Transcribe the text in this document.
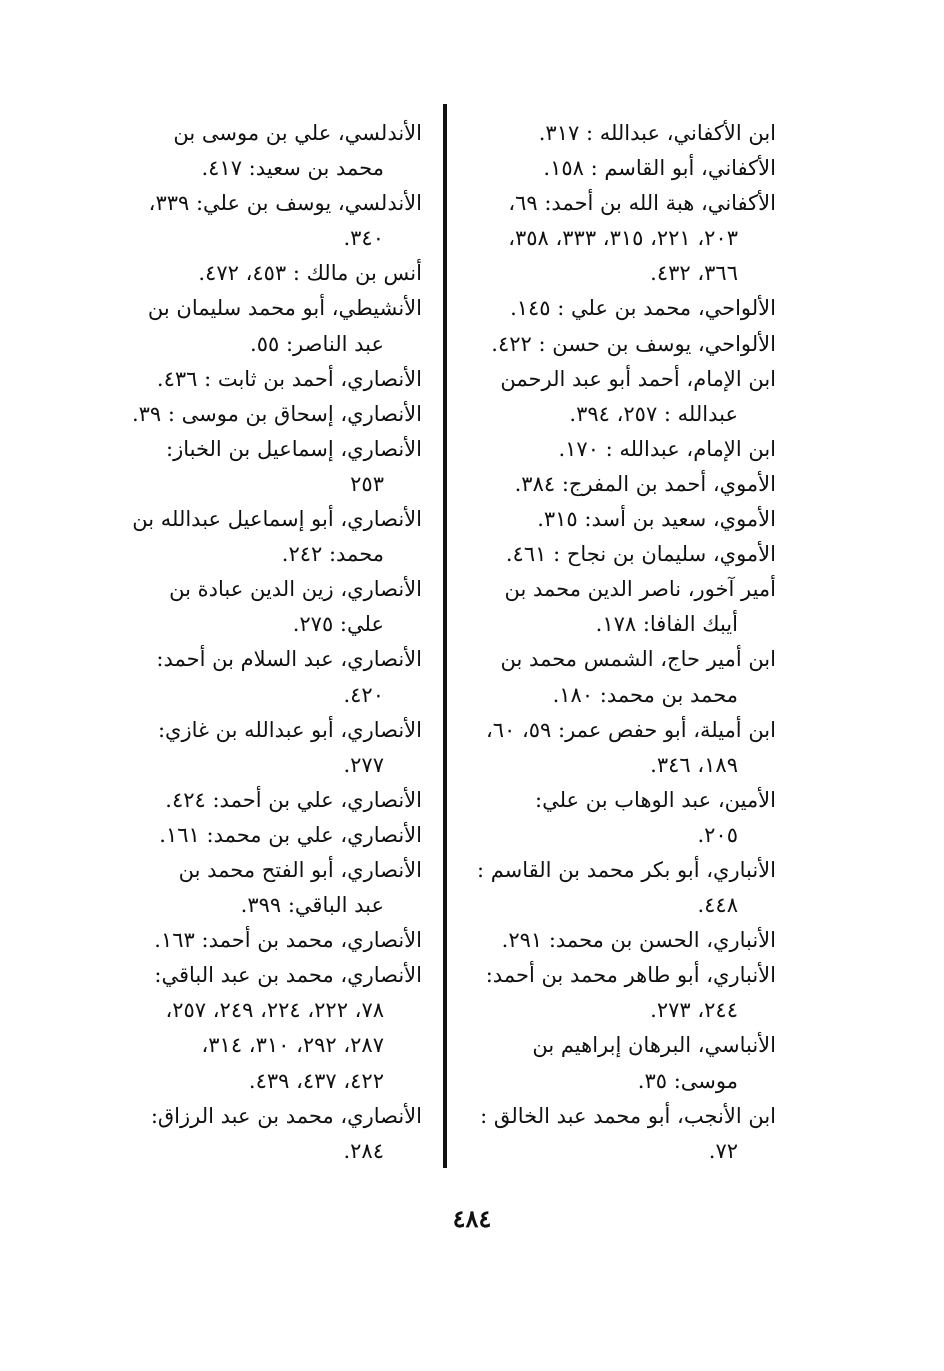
ابن الأكفاني، عبدالله : ٣١٧.
الأكفاني، أبو القاسم : ١٥٨.
الأكفاني، هبة الله بن أحمد: ٦٩،
٢٠٣، ٢٢١، ٣١٥، ٣٣٣، ٣٥٨،
٣٦٦، ٤٣٢.
الألواحي، محمد بن علي : ١٤٥.
الألواحي، يوسف بن حسن : ٤٢٢.
ابن الإمام، أحمد أبو عبد الرحمن
عبدالله : ٢٥٧، ٣٩٤.
ابن الإمام، عبدالله : ١٧٠.
الأموي، أحمد بن المفرج: ٣٨٤.
الأموي، سعيد بن أسد: ٣١٥.
الأموي، سليمان بن نجاح : ٤٦١.
أمير آخور، ناصر الدين محمد بن
أيبك الفافا: ١٧٨.
ابن أمير حاج، الشمس محمد بن
محمد بن محمد: ١٨٠.
ابن أميلة، أبو حفص عمر: ٥٩، ٦٠،
١٨٩، ٣٤٦.
الأمين، عبد الوهاب بن علي:
٢٠٥.
الأنباري، أبو بكر محمد بن القاسم :
٤٤٨.
الأنباري، الحسن بن محمد: ٢٩١.
الأنباري، أبو طاهر محمد بن أحمد:
٢٤٤، ٢٧٣.
الأنباسي، البرهان إبراهيم بن
موسى: ٣٥.
ابن الأنجب، أبو محمد عبد الخالق :
٧٢.
الأندلسي، علي بن موسى بن
محمد بن سعيد: ٤١٧.
الأندلسي، يوسف بن علي: ٣٣٩،
٣٤٠.
أنس بن مالك : ٤٥٣، ٤٧٢.
الأنشيطي، أبو محمد سليمان بن
عبد الناصر: ٥٥.
الأنصاري، أحمد بن ثابت : ٤٣٦.
الأنصاري، إسحاق بن موسى : ٣٩.
الأنصاري، إسماعيل بن الخباز:
٢٥٣
الأنصاري، أبو إسماعيل عبدالله بن
محمد: ٢٤٢.
الأنصاري، زين الدين عبادة بن
علي: ٢٧٥.
الأنصاري، عبد السلام بن أحمد:
٤٢٠.
الأنصاري، أبو عبدالله بن غازي:
٢٧٧.
الأنصاري، علي بن أحمد: ٤٢٤.
الأنصاري، علي بن محمد: ١٦١.
الأنصاري، أبو الفتح محمد بن
عبد الباقي: ٣٩٩.
الأنصاري، محمد بن أحمد: ١٦٣.
الأنصاري، محمد بن عبد الباقي:
٧٨، ٢٢٢، ٢٢٤، ٢٤٩، ٢٥٧،
٢٨٧، ٢٩٢، ٣١٠، ٣١٤،
٤٢٢، ٤٣٧، ٤٣٩.
الأنصاري، محمد بن عبد الرزاق:
٢٨٤.
٤٨٤
